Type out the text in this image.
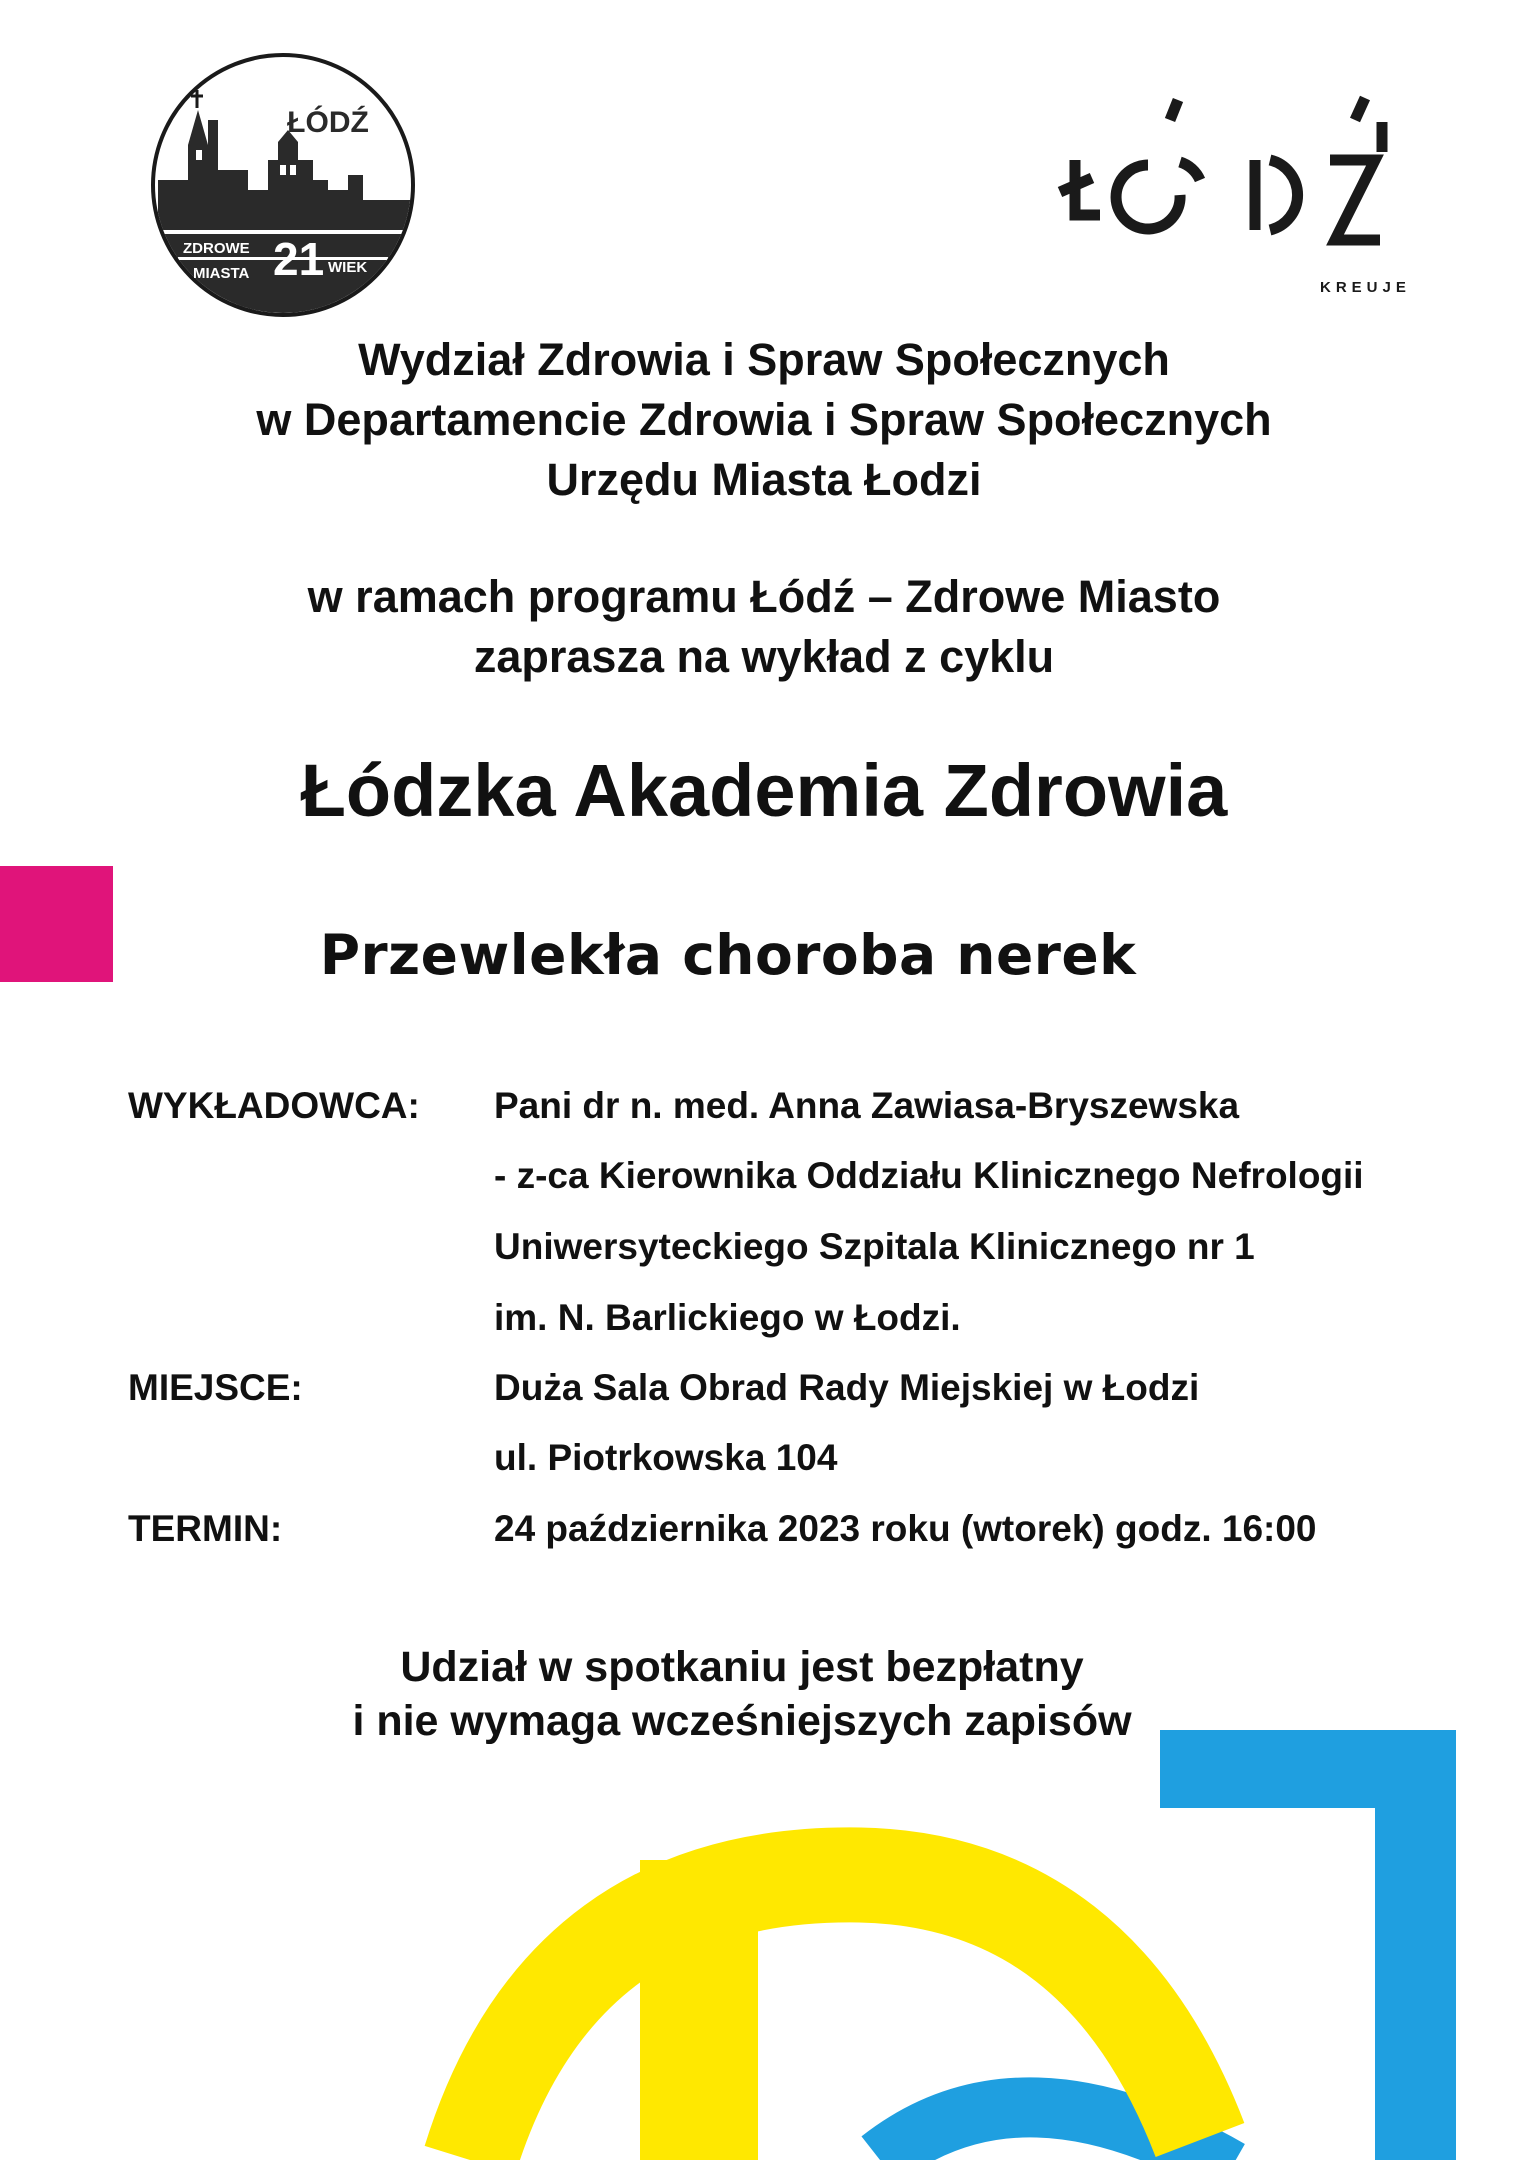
ŁÓDŹ
ZDROWE
MIASTA 21 WIEK
KREUJE
Wydział Zdrowia i Spraw Społecznych
w Departamencie Zdrowia i Spraw Społecznych
Urzędu Miasta Łodzi
w ramach programu Łódź – Zdrowe Miasto
zaprasza na wykład z cyklu
Łódzka Akademia Zdrowia
Przewlekła choroba nerek
WYKŁADOWCA: Pani dr n. med. Anna Zawiasa-Bryszewska
- z-ca Kierownika Oddziału Klinicznego Nefrologii
Uniwersyteckiego Szpitala Klinicznego nr 1
im. N. Barlickiego w Łodzi.
MIEJSCE:	Duża Sala Obrad Rady Miejskiej w Łodzi
ul. Piotrkowska 104
TERMIN:	24 października 2023 roku (wtorek) godz. 16:00
Udział w spotkaniu jest bezpłatny
i nie wymaga wcześniejszych zapisów
